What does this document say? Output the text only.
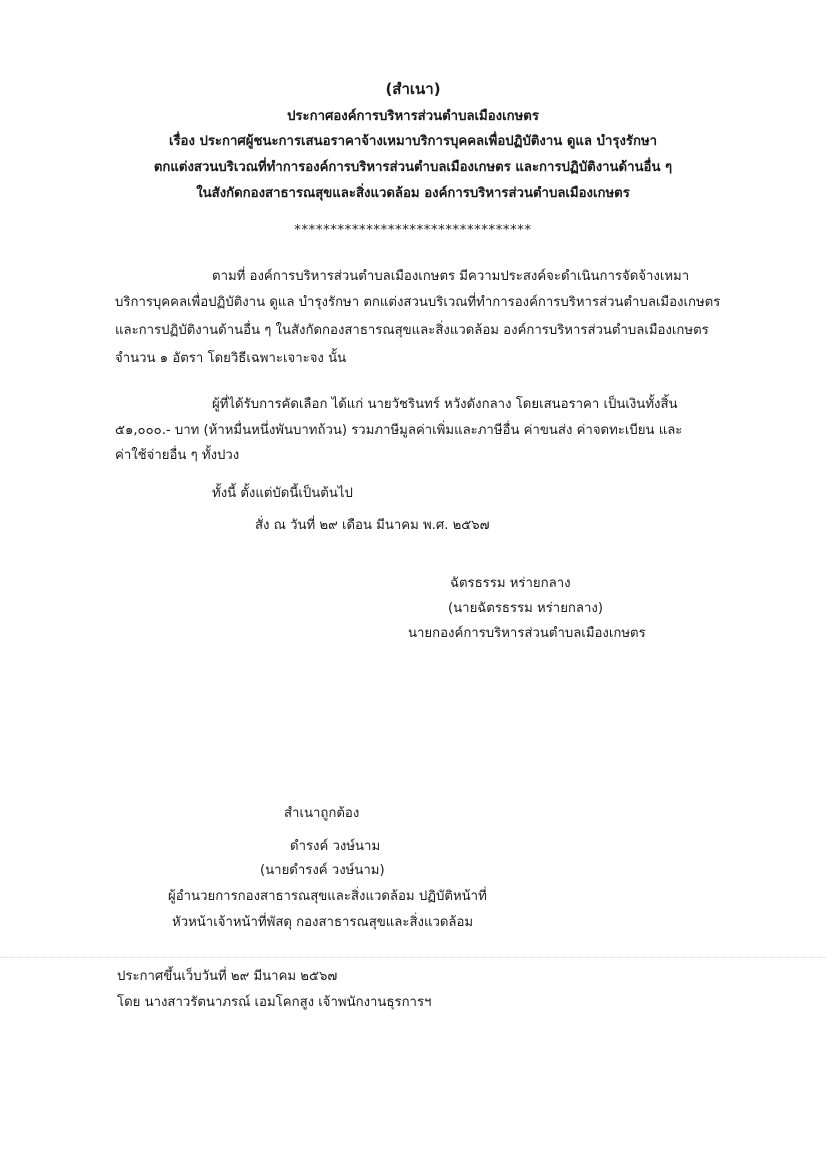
(สำเนา)
ประกาศองค์การบริหารส่วนตำบลเมืองเกษตร
เรื่อง ประกาศผู้ชนะการเสนอราคาจ้างเหมาบริการบุคคลเพื่อปฏิบัติงาน ดูแล บำรุงรักษา
ตกแต่งสวนบริเวณที่ทำการองค์การบริหารส่วนตำบลเมืองเกษตร และการปฏิบัติงานด้านอื่น ๆ
ในสังกัดกองสาธารณสุขและสิ่งแวดล้อม องค์การบริหารส่วนตำบลเมืองเกษตร
*********************************
ตามที่ องค์การบริหารส่วนตำบลเมืองเกษตร มีความประสงค์จะดำเนินการจัดจ้างเหมา
บริการบุคคลเพื่อปฏิบัติงาน ดูแล บำรุงรักษา ตกแต่งสวนบริเวณที่ทำการองค์การบริหารส่วนตำบลเมืองเกษตร
และการปฏิบัติงานด้านอื่น ๆ ในสังกัดกองสาธารณสุขและสิ่งแวดล้อม องค์การบริหารส่วนตำบลเมืองเกษตร
จำนวน ๑ อัตรา โดยวิธีเฉพาะเจาะจง นั้น
ผู้ที่ได้รับการคัดเลือก ได้แก่ นายวัชรินทร์ หวังดังกลาง โดยเสนอราคา เป็นเงินทั้งสิ้น
๕๑,๐๐๐.- บาท (ห้าหมื่นหนึ่งพันบาทถ้วน) รวมภาษีมูลค่าเพิ่มและภาษีอื่น ค่าขนส่ง ค่าจดทะเบียน และ
ค่าใช้จ่ายอื่น ๆ ทั้งปวง
ทั้งนี้ ตั้งแต่บัดนี้เป็นต้นไป
สั่ง ณ วันที่ ๒๙ เดือน มีนาคม พ.ศ. ๒๕๖๗
ฉัตรธรรม หร่ายกลาง
(นายฉัตรธรรม หร่ายกลาง)
นายกองค์การบริหารส่วนตำบลเมืองเกษตร
สำเนาถูกต้อง
ดำรงค์ วงษ์นาม
(นายดำรงค์ วงษ์นาม)
ผู้อำนวยการกองสาธารณสุขและสิ่งแวดล้อม ปฏิบัติหน้าที่
หัวหน้าเจ้าหน้าที่พัสดุ กองสาธารณสุขและสิ่งแวดล้อม
ประกาศขึ้นเว็บวันที่ ๒๙ มีนาคม ๒๕๖๗
โดย นางสาวรัตนาภรณ์ เอมโคกสูง เจ้าพนักงานธุรการฯ
